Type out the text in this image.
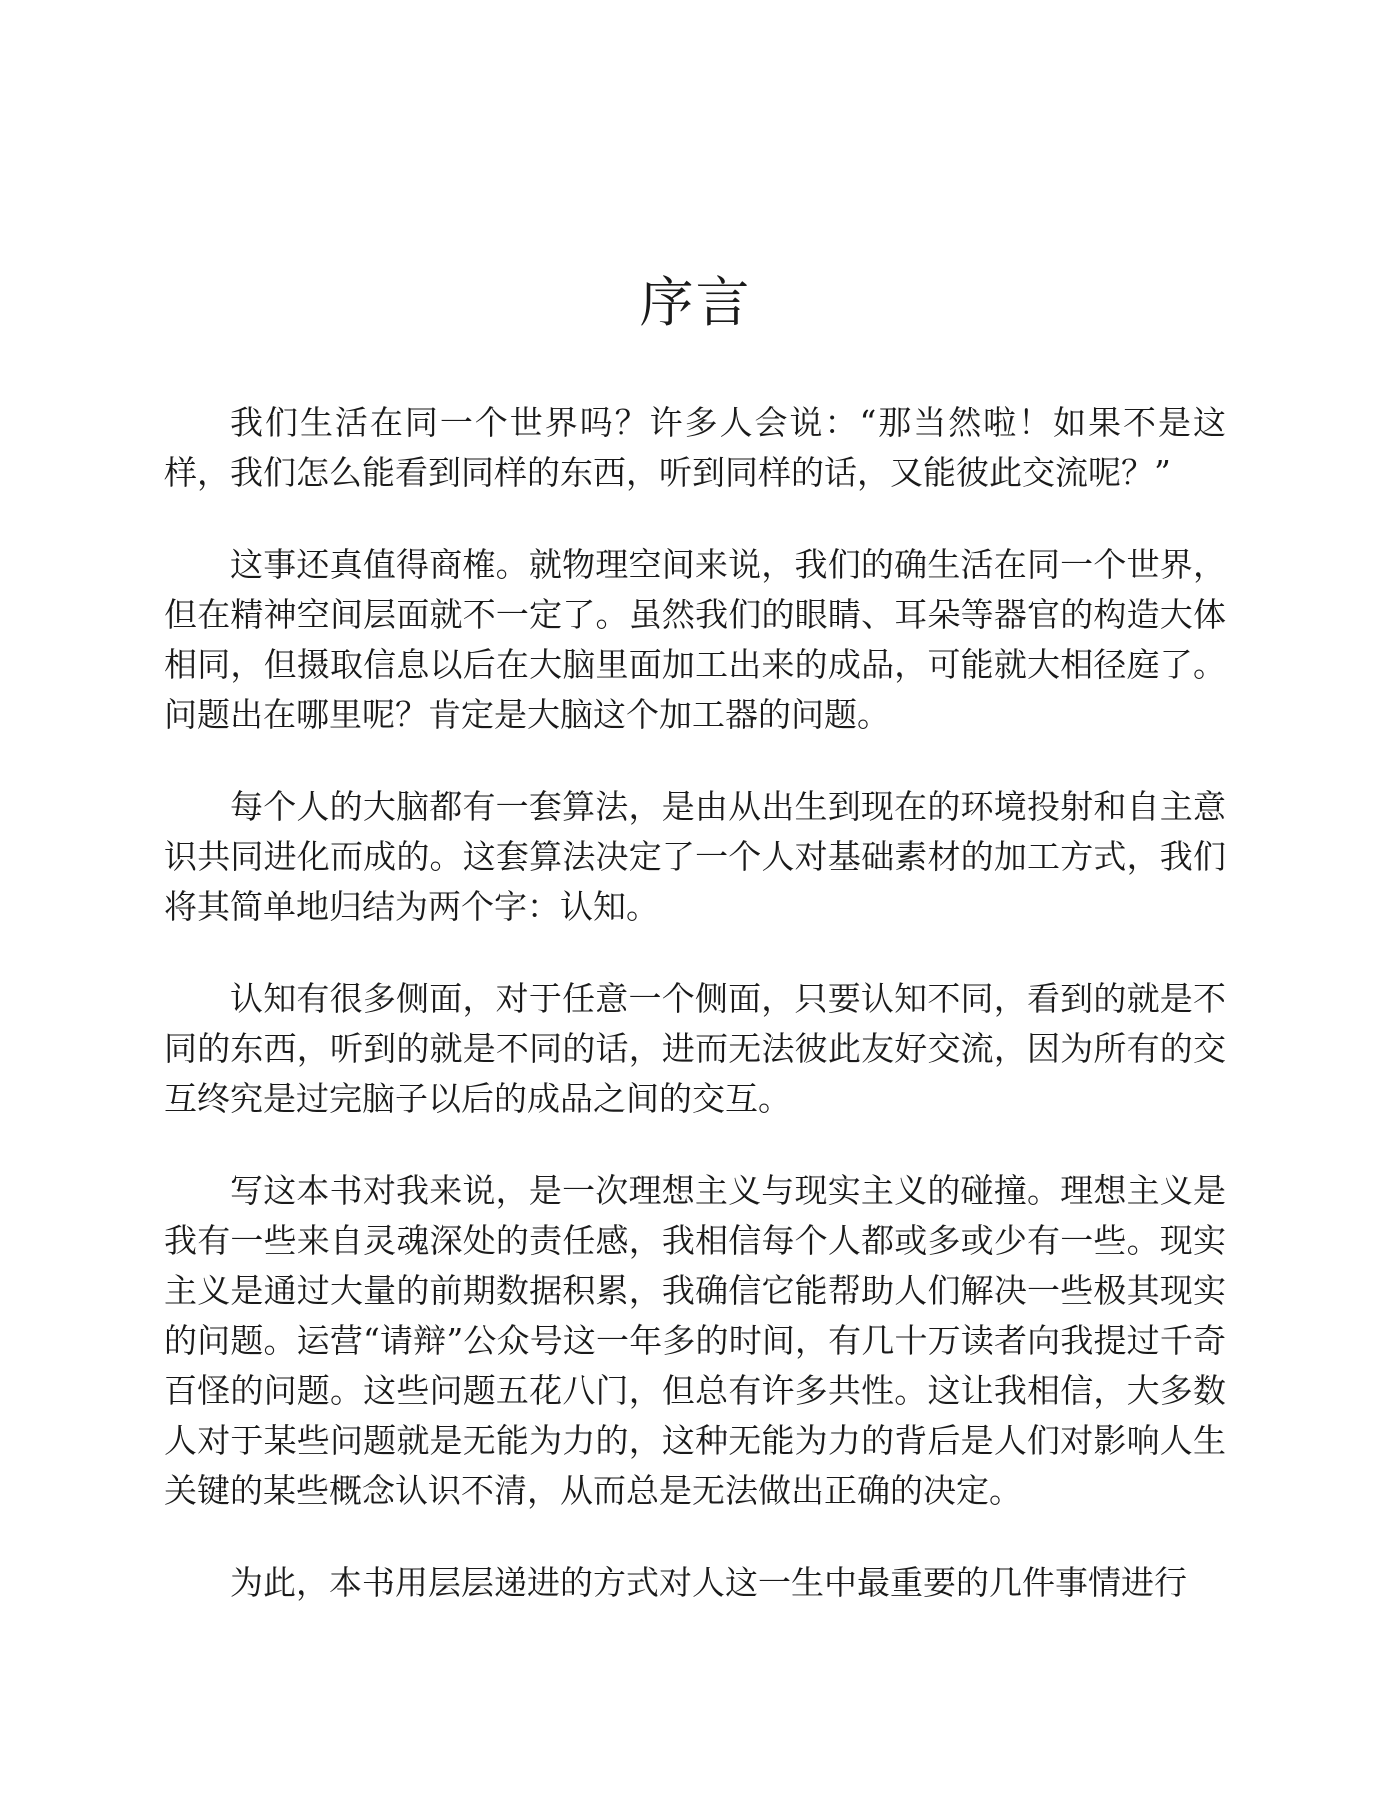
序言

我们生活在同一个世界吗？许多人会说：“那当然啦！如果不是这样，我们怎么能看到同样的东西，听到同样的话，又能彼此交流呢？”

这事还真值得商榷。就物理空间来说，我们的确生活在同一个世界，但在精神空间层面就不一定了。虽然我们的眼睛、耳朵等器官的构造大体相同，但摄取信息以后在大脑里面加工出来的成品，可能就大相径庭了。问题出在哪里呢？肯定是大脑这个加工器的问题。

每个人的大脑都有一套算法，是由从出生到现在的环境投射和自主意识共同进化而成的。这套算法决定了一个人对基础素材的加工方式，我们将其简单地归结为两个字：认知。

认知有很多侧面，对于任意一个侧面，只要认知不同，看到的就是不同的东西，听到的就是不同的话，进而无法彼此友好交流，因为所有的交互终究是过完脑子以后的成品之间的交互。

写这本书对我来说，是一次理想主义与现实主义的碰撞。理想主义是我有一些来自灵魂深处的责任感，我相信每个人都或多或少有一些。现实主义是通过大量的前期数据积累，我确信它能帮助人们解决一些极其现实的问题。运营“请辩”公众号这一年多的时间，有几十万读者向我提过千奇百怪的问题。这些问题五花八门，但总有许多共性。这让我相信，大多数人对于某些问题就是无能为力的，这种无能为力的背后是人们对影响人生关键的某些概念认识不清，从而总是无法做出正确的决定。

为此，本书用层层递进的方式对人这一生中最重要的几件事情进行
